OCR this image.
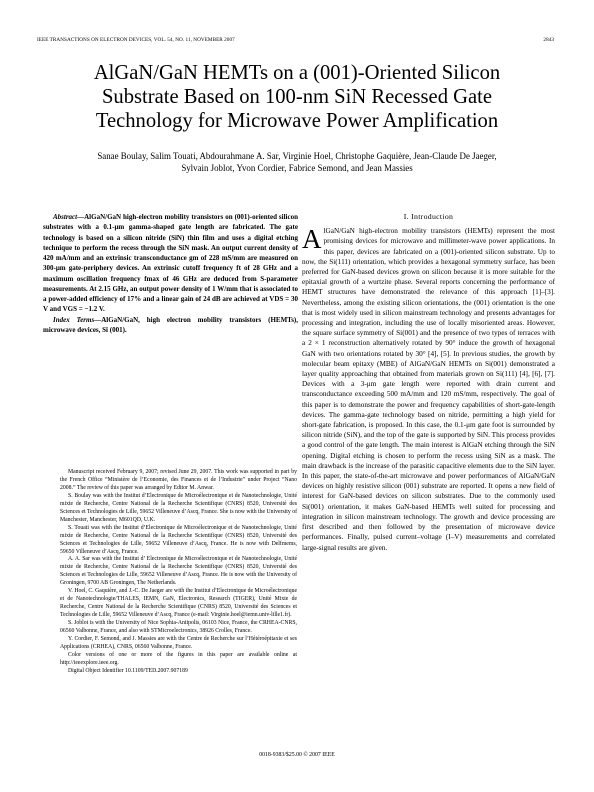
IEEE TRANSACTIONS ON ELECTRON DEVICES, VOL. 54, NO. 11, NOVEMBER 2007	2843
AlGaN/GaN HEMTs on a (001)-Oriented Silicon
Substrate Based on 100-nm SiN Recessed Gate
Technology for Microwave Power Amplification
Sanae Boulay, Salim Touati, Abdourahmane A. Sar, Virginie Hoel, Christophe Gaquière, Jean-Claude De Jaeger,
Sylvain Joblot, Yvon Cordier, Fabrice Semond, and Jean Massies

Abstract—AlGaN/GaN high-electron mobility transistors on (001)-oriented silicon substrates with a 0.1-μm gamma-shaped gate length are fabricated. The gate technology is based on a silicon nitride (SiN) thin film and uses a digital etching technique to perform the recess through the SiN mask. An output current density of 420 mA/mm and an extrinsic transconductance gm of 228 mS/mm are measured on 300-μm gate-periphery devices. An extrinsic cutoff frequency ft of 28 GHz and a maximum oscillation frequency fmax of 46 GHz are deduced from S-parameter measurements. At 2.15 GHz, an output power density of 1 W/mm that is associated to a power-added efficiency of 17% and a linear gain of 24 dB are achieved at VDS = 30 V and VGS = −1.2 V.

Index Terms—AlGaN/GaN, high electron mobility transistors (HEMTs), microwave devices, Si (001).

Manuscript received February 9, 2007; revised June 29, 2007. This work was supported in part by the French Office “Ministère de l’Economie, des Finances et de l’Industrie” under Project “Nano 2008.” The review of this paper was arranged by Editor M. Anwar.

S. Boulay was with the Institut d’Electronique de Microélectronique et de Nanotechnologie, Unité mixte de Recherche, Centre National de la Recherche Scientifique (CNRS) 8520, Université des Sciences et Technologies de Lille, 59652 Villeneuve d’Ascq, France. She is now with the University of Manchester, Manchester, M601QD, U.K.

S. Touati was with the Institut d’Electronique de Microélectronique et de Nanotechnologie, Unité mixte de Recherche, Centre National de la Recherche Scientifique (CNRS) 8520, Université des Sciences et Technologies de Lille, 59652 Villeneuve d’Ascq, France. He is now with Delfmems, 59650 Villeneuve d’Ascq, France.

A. A. Sar was with the Institut d’ Electronique de Microélectronique et de Nanotechnologie, Unité mixte de Recherche, Centre National de la Recherche Scientifique (CNRS) 8520, Université des Sciences et Technologies de Lille, 59652 Villeneuve d’Ascq, France. He is now with the University of Groningen, 9700 AB Groningen, The Netherlands.

V. Hoel, C. Gaquière, and J.-C. De Jaeger are with the Institut d’Electronique de Microélectronique et de Nanotechnologie/THALES, IEMN, GaN, Electronics, Research (TIGER), Unité Mixte de Recherche, Centre National de la Recherche Scientifique (CNRS) 8520, Université des Sciences et Technologies de Lille, 59652 Villeneuve d’Ascq, France (e-mail: Virginie.hoel@iemn.univ-lille1.fr).

S. Joblot is with the University of Nice Sophia-Antipolis, 06103 Nice, France, the CRHEA-CNRS, 06560 Valbonne, France, and also with STMicroelectronics, 38926 Crolles, France.

Y. Cordier, F. Semond, and J. Massies are with the Centre de Recherche sur l’Hétéroépitaxie et ses Applications (CRHEA), CNRS, 06560 Valbonne, France.

Color versions of one or more of the figures in this paper are available online at http://ieeexplore.ieee.org.

Digital Object Identifier 10.1109/TED.2007.907189

I. Introduction

AlGaN/GaN high-electron mobility transistors (HEMTs) represent the most promising devices for microwave and millimeter-wave power applications. In this paper, devices are fabricated on a (001)-oriented silicon substrate. Up to now, the Si(111) orientation, which provides a hexagonal symmetry surface, has been preferred for GaN-based devices grown on silicon because it is more suitable for the epitaxial growth of a wurtzite phase. Several reports concerning the performance of HEMT structures have demonstrated the relevance of this approach [1]–[3]. Nevertheless, among the existing silicon orientations, the (001) orientation is the one that is most widely used in silicon mainstream technology and presents advantages for processing and integration, including the use of locally misoriented areas. However, the square surface symmetry of Si(001) and the presence of two types of terraces with a 2 × 1 reconstruction alternatively rotated by 90° induce the growth of hexagonal GaN with two orientations rotated by 30° [4], [5]. In previous studies, the growth by molecular beam epitaxy (MBE) of AlGaN/GaN HEMTs on Si(001) demonstrated a layer quality approaching that obtained from materials grown on Si(111) [4], [6], [7]. Devices with a 3-μm gate length were reported with drain current and transconductance exceeding 500 mA/mm and 120 mS/mm, respectively. The goal of this paper is to demonstrate the power and frequency capabilities of short-gate-length devices. The gamma-gate technology based on nitride, permitting a high yield for short-gate fabrication, is proposed. In this case, the 0.1-μm gate foot is surrounded by silicon nitride (SiN), and the top of the gate is supported by SiN. This process provides a good control of the gate length. The main interest is AlGaN etching through the SiN opening. Digital etching is chosen to perform the recess using SiN as a mask. The main drawback is the increase of the parasitic capacitive elements due to the SiN layer. In this paper, the state-of-the-art microwave and power performances of AlGaN/GaN devices on highly resistive silicon (001) substrate are reported. It opens a new field of interest for GaN-based devices on silicon substrates. Due to the commonly used Si(001) orientation, it makes GaN-based HEMTs well suited for processing and integration in silicon mainstream technology. The growth and device processing are first described and then followed by the presentation of microwave device performances. Finally, pulsed current–voltage (I–V) measurements and correlated large-signal results are given.

0018-9383/$25.00 © 2007 IEEE
